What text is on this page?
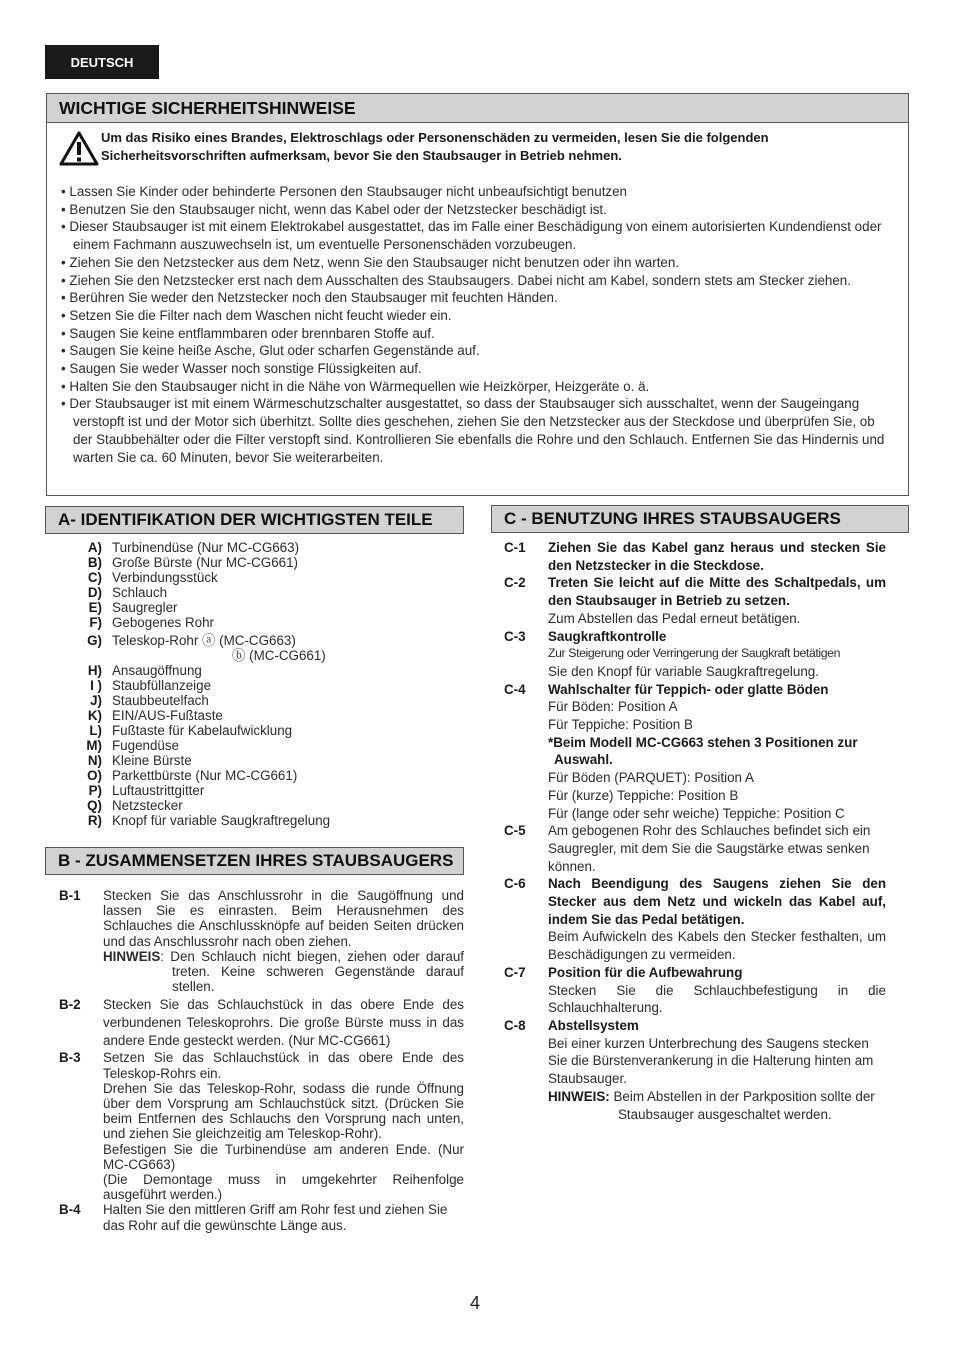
DEUTSCH
WICHTIGE SICHERHEITSHINWEISE
Um das Risiko eines Brandes, Elektroschlags oder Personenschäden zu vermeiden, lesen Sie die folgenden
Sicherheitsvorschriften aufmerksam, bevor Sie den Staubsauger in Betrieb nehmen.
• Lassen Sie Kinder oder behinderte Personen den Staubsauger nicht unbeaufsichtigt benutzen
• Benutzen Sie den Staubsauger nicht, wenn das Kabel oder der Netzstecker beschädigt ist.
• Dieser Staubsauger ist mit einem Elektrokabel ausgestattet, das im Falle einer Beschädigung von einem autorisierten Kundendienst oder einem Fachmann auszuwechseln ist, um eventuelle Personenschäden vorzubeugen.
• Ziehen Sie den Netzstecker aus dem Netz, wenn Sie den Staubsauger nicht benutzen oder ihn warten.
• Ziehen Sie den Netzstecker erst nach dem Ausschalten des Staubsaugers. Dabei nicht am Kabel, sondern stets am Stecker ziehen.
• Berühren Sie weder den Netzstecker noch den Staubsauger mit feuchten Händen.
• Setzen Sie die Filter nach dem Waschen nicht feucht wieder ein.
• Saugen Sie keine entflammbaren oder brennbaren Stoffe auf.
• Saugen Sie keine heiße Asche, Glut oder scharfen Gegenstände auf.
• Saugen Sie weder Wasser noch sonstige Flüssigkeiten auf.
• Halten Sie den Staubsauger nicht in die Nähe von Wärmequellen wie Heizkörper, Heizgeräte o. ä.
• Der Staubsauger ist mit einem Wärmeschutzschalter ausgestattet, so dass der Staubsauger sich ausschaltet, wenn der Saugeingang verstopft ist und der Motor sich überhitzt. Sollte dies geschehen, ziehen Sie den Netzstecker aus der Steckdose und überprüfen Sie, ob der Staubbehälter oder die Filter verstopft sind. Kontrollieren Sie ebenfalls die Rohre und den Schlauch. Entfernen Sie das Hindernis und warten Sie ca. 60 Minuten, bevor Sie weiterarbeiten.
A- IDENTIFIKATION DER WICHTIGSTEN TEILE
A) Turbinendüse (Nur MC-CG663)
B) Große Bürste (Nur MC-CG661)
C) Verbindungsstück
D) Schlauch
E) Saugregler
F) Gebogenes Rohr
G) Teleskop-Rohr ⓐ (MC-CG663)
ⓑ (MC-CG661)
H) Ansaugöffnung
I ) Staubfüllanzeige
J) Staubbeutelfach
K) EIN/AUS-Fußtaste
L) Fußtaste für Kabelaufwicklung
M) Fugendüse
N) Kleine Bürste
O) Parkettbürste (Nur MC-CG661)
P) Luftaustrittgitter
Q) Netzstecker
R) Knopf für variable Saugkraftregelung
B - ZUSAMMENSETZEN IHRES STAUBSAUGERS
B-1	Stecken Sie das Anschlussrohr in die Saugöffnung und lassen Sie es einrasten. Beim Herausnehmen des Schlauches die Anschlussknöpfe auf beiden Seiten drücken und das Anschlussrohr nach oben ziehen.

HINWEIS: Den Schlauch nicht biegen, ziehen oder darauf treten. Keine schweren Gegenstände darauf stellen.

B-2	Stecken Sie das Schlauchstück in das obere Ende des verbundenen Teleskoprohrs. Die große Bürste muss in das andere Ende gesteckt werden. (Nur MC-CG661)

B-3	Setzen Sie das Schlauchstück in das obere Ende des Teleskop-Rohrs ein.

Drehen Sie das Teleskop-Rohr, sodass die runde Öffnung über dem Vorsprung am Schlauchstück sitzt. (Drücken Sie beim Entfernen des Schlauchs den Vorsprung nach unten, und ziehen Sie gleichzeitig am Teleskop-Rohr).

Befestigen Sie die Turbinendüse am anderen Ende. (Nur MC-CG663)

(Die Demontage muss in umgekehrter Reihenfolge ausgeführt werden.)

B-4	Halten Sie den mittleren Griff am Rohr fest und ziehen Sie das Rohr auf die gewünschte Länge aus.

C - BENUTZUNG IHRES STAUBSAUGERS
C-1	Ziehen Sie das Kabel ganz heraus und stecken Sie den Netzstecker in die Steckdose.
C-2	Treten Sie leicht auf die Mitte des Schaltpedals, um den Staubsauger in Betrieb zu setzen.

Zum Abstellen das Pedal erneut betätigen.

C-3	Saugkraftkontrolle

Zur Steigerung oder Verringerung der Saugkraft betätigen

Sie den Knopf für variable Saugkraftregelung.

C-4	Wahlschalter für Teppich- oder glatte Böden

Für Böden: Position A

Für Teppiche: Position B

*Beim Modell MC-CG663 stehen 3 Positionen zur Auswahl.

Für Böden (PARQUET): Position A

Für (kurze) Teppiche: Position B

Für (lange oder sehr weiche) Teppiche: Position C

C-5	Am gebogenen Rohr des Schlauches befindet sich ein Saugregler, mit dem Sie die Saugstärke etwas senken können.
C-6	Nach Beendigung des Saugens ziehen Sie den Stecker aus dem Netz und wickeln das Kabel auf, indem Sie das Pedal betätigen.

Beim Aufwickeln des Kabels den Stecker festhalten, um Beschädigungen zu vermeiden.

C-7	Position für die Aufbewahrung

Stecken Sie die Schlauchbefestigung in die Schlauchhalterung.

C-8	Abstellsystem

Bei einer kurzen Unterbrechung des Saugens stecken Sie die Bürstenverankerung in die Halterung hinten am Staubsauger.

HINWEIS: Beim Abstellen in der Parkposition sollte der Staubsauger ausgeschaltet werden.

4
